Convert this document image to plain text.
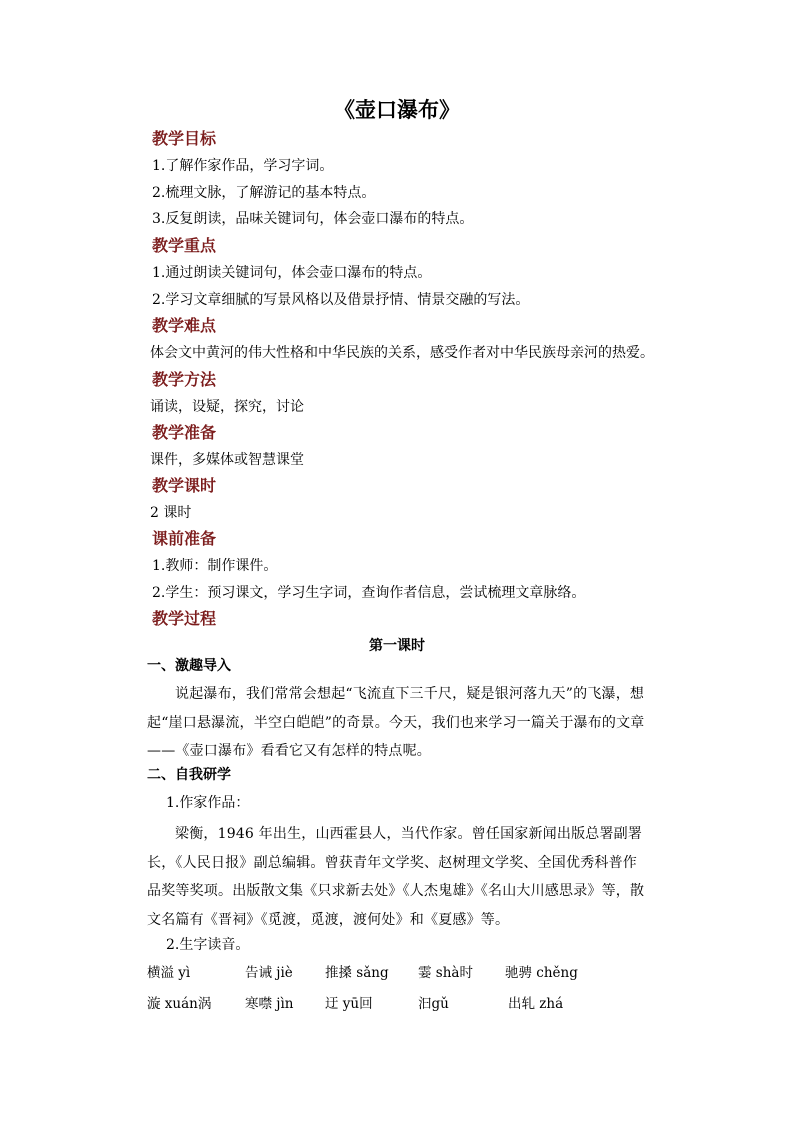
《壶口瀑布》
教学目标
1.了解作家作品，学习字词。
2.梳理文脉，了解游记的基本特点。
3.反复朗读，品味关键词句，体会壶口瀑布的特点。
教学重点
1.通过朗读关键词句，体会壶口瀑布的特点。
2.学习文章细腻的写景风格以及借景抒情、情景交融的写法。
教学难点
体会文中黄河的伟大性格和中华民族的关系，感受作者对中华民族母亲河的热爱。
教学方法
诵读，设疑，探究，讨论
教学准备
课件，多媒体或智慧课堂
教学课时
2 课时
课前准备
1.教师：制作课件。
2.学生：预习课文，学习生字词，查询作者信息，尝试梳理文章脉络。
教学过程
第一课时
一、激趣导入
说起瀑布，我们常常会想起“飞流直下三千尺，疑是银河落九天”的飞瀑，想起“崖口悬瀑流，半空白皑皑”的奇景。今天，我们也来学习一篇关于瀑布的文章——《壶口瀑布》看看它又有怎样的特点呢。
二、自我研学
1.作家作品：
梁衡，1946 年出生，山西霍县人，当代作家。曾任国家新闻出版总署副署长，《人民日报》副总编辑。曾获青年文学奖、赵树理文学奖、全国优秀科普作品奖等奖项。出版散文集《只求新去处》《人杰鬼雄》《名山大川感思录》等，散文名篇有《晋祠》《觅渡，觅渡，渡何处》和《夏感》等。
2.生字读音。
横溢 yì	告诫 jiè 推搡 sǎng 霎 shà时 驰骋 chěng
漩 xuán涡 寒噤 jìn 迂 yū回	汩gǔ	出轧 zhá
